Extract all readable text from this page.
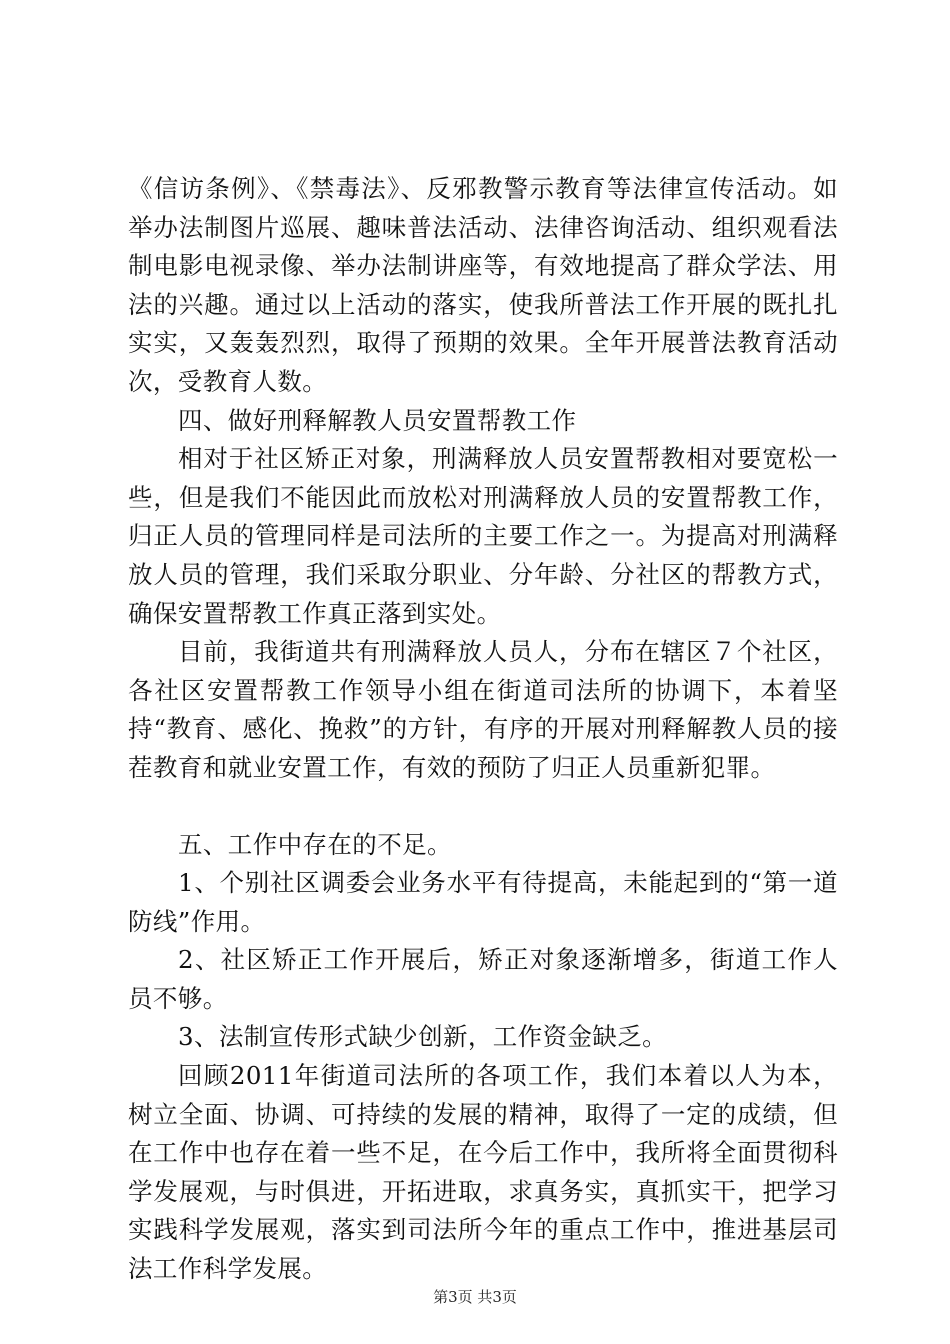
《信访条例》、《禁毒法》、反邪教警示教育等法律宣传活动。如举办法制图片巡展、趣味普法活动、法律咨询活动、组织观看法制电影电视录像、举办法制讲座等，有效地提高了群众学法、用法的兴趣。通过以上活动的落实，使我所普法工作开展的既扎扎实实，又轰轰烈烈，取得了预期的效果。全年开展普法教育活动次，受教育人数。

四、做好刑释解教人员安置帮教工作

相对于社区矫正对象，刑满释放人员安置帮教相对要宽松一些，但是我们不能因此而放松对刑满释放人员的安置帮教工作，归正人员的管理同样是司法所的主要工作之一。为提高对刑满释放人员的管理，我们采取分职业、分年龄、分社区的帮教方式，确保安置帮教工作真正落到实处。

目前，我街道共有刑满释放人员人，分布在辖区７个社区，各社区安置帮教工作领导小组在街道司法所的协调下，本着坚持“教育、感化、挽救”的方针，有序的开展对刑释解教人员的接茬教育和就业安置工作，有效的预防了归正人员重新犯罪。

五、工作中存在的不足。

1、个别社区调委会业务水平有待提高，未能起到的“第一道防线”作用。

2、社区矫正工作开展后，矫正对象逐渐增多，街道工作人员不够。

3、法制宣传形式缺少创新，工作资金缺乏。

回顾2011年街道司法所的各项工作，我们本着以人为本，树立全面、协调、可持续的发展的精神，取得了一定的成绩，但在工作中也存在着一些不足，在今后工作中，我所将全面贯彻科学发展观，与时俱进，开拓进取，求真务实，真抓实干，把学习实践科学发展观，落实到司法所今年的重点工作中，推进基层司法工作科学发展。

第3页 共3页
